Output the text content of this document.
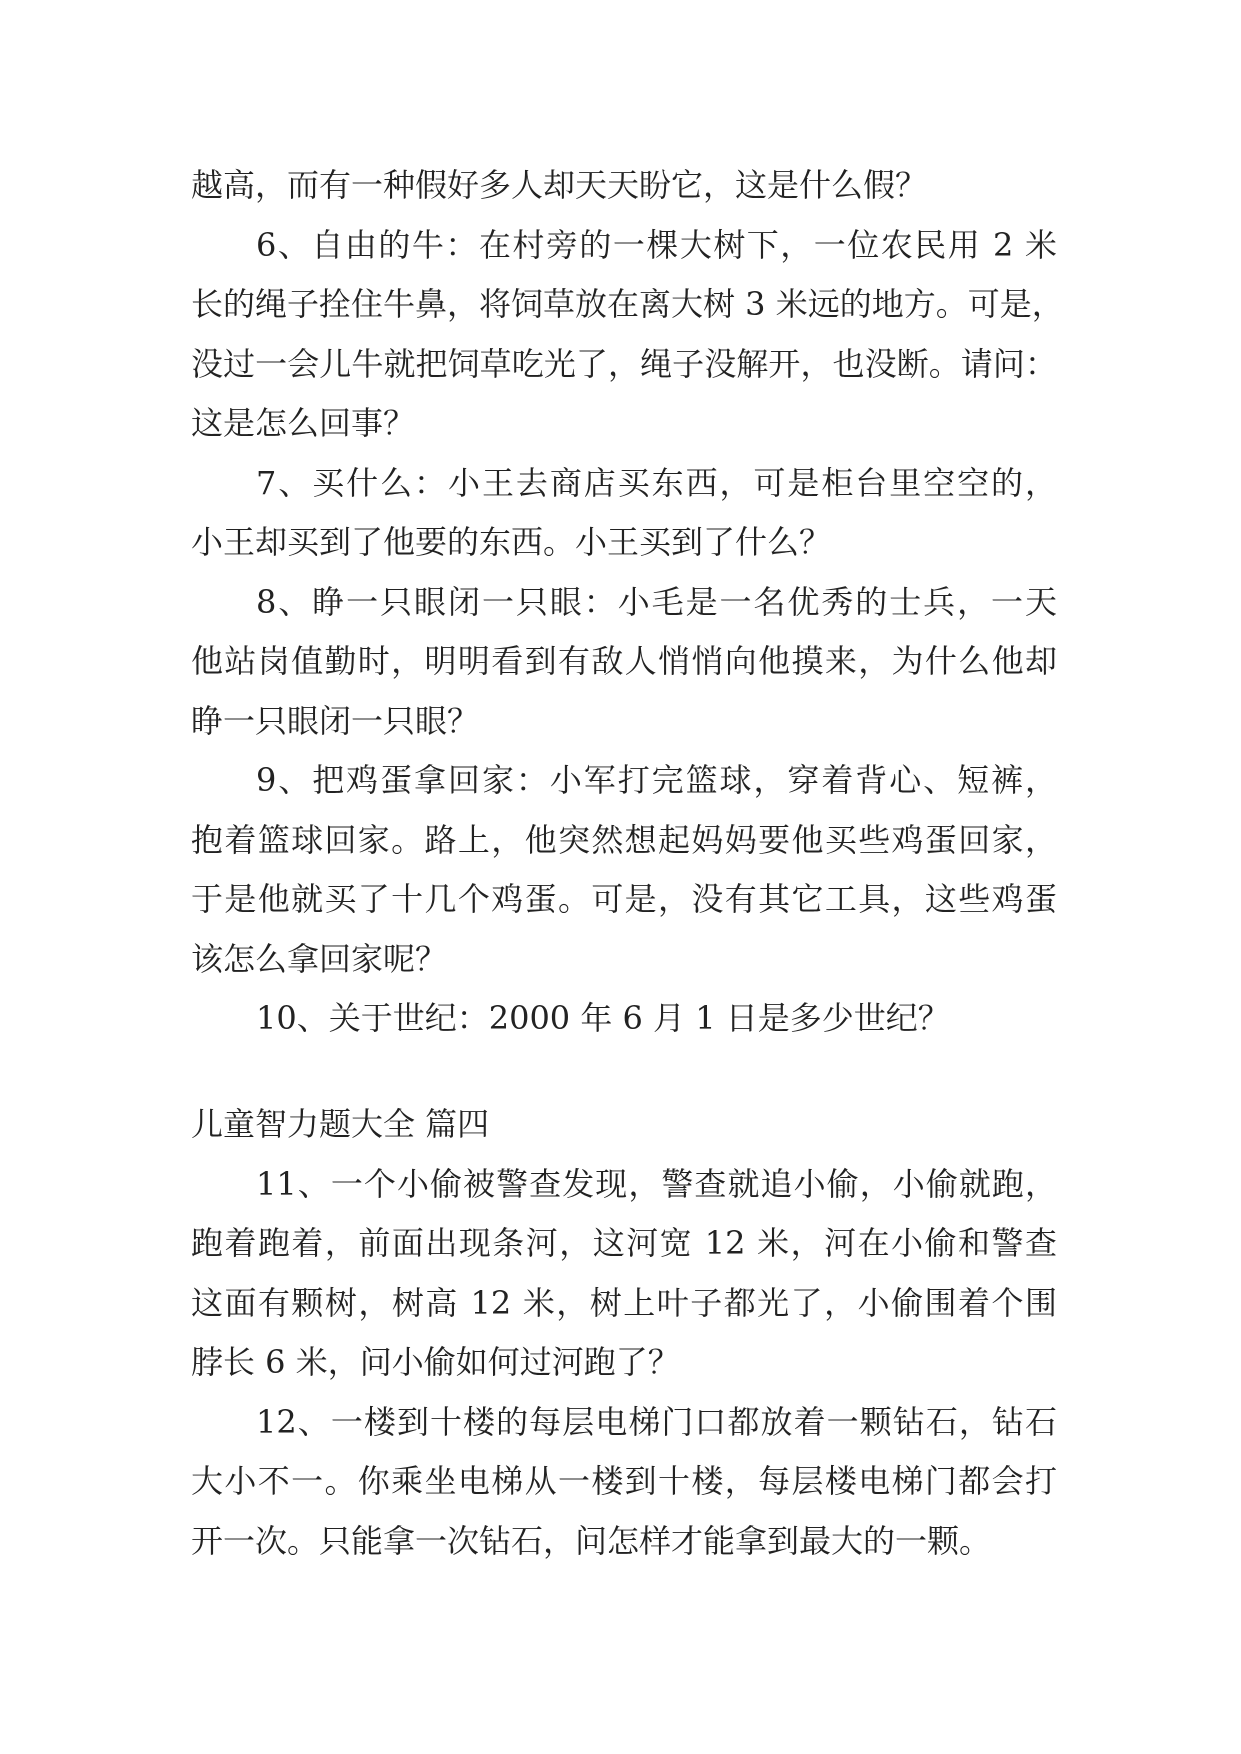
越高，而有一种假好多人却天天盼它，这是什么假？
6、自由的牛：在村旁的一棵大树下，一位农民用 2 米
长的绳子拴住牛鼻，将饲草放在离大树 3 米远的地方。可是，
没过一会儿牛就把饲草吃光了，绳子没解开，也没断。请问：
这是怎么回事？
7、买什么：小王去商店买东西，可是柜台里空空的，
小王却买到了他要的东西。小王买到了什么？
8、睁一只眼闭一只眼：小毛是一名优秀的士兵，一天
他站岗值勤时，明明看到有敌人悄悄向他摸来，为什么他却
睁一只眼闭一只眼？
9、把鸡蛋拿回家：小军打完篮球，穿着背心、短裤，
抱着篮球回家。路上，他突然想起妈妈要他买些鸡蛋回家，
于是他就买了十几个鸡蛋。可是，没有其它工具，这些鸡蛋
该怎么拿回家呢？
10、关于世纪：2000 年 6 月 1 日是多少世纪？
儿童智力题大全 篇四
11、一个小偷被警查发现，警查就追小偷，小偷就跑，
跑着跑着，前面出现条河，这河宽 12 米，河在小偷和警查
这面有颗树，树高 12 米，树上叶子都光了，小偷围着个围
脖长 6 米，问小偷如何过河跑了？
12、一楼到十楼的每层电梯门口都放着一颗钻石，钻石
大小不一。你乘坐电梯从一楼到十楼，每层楼电梯门都会打
开一次。只能拿一次钻石，问怎样才能拿到最大的一颗。
